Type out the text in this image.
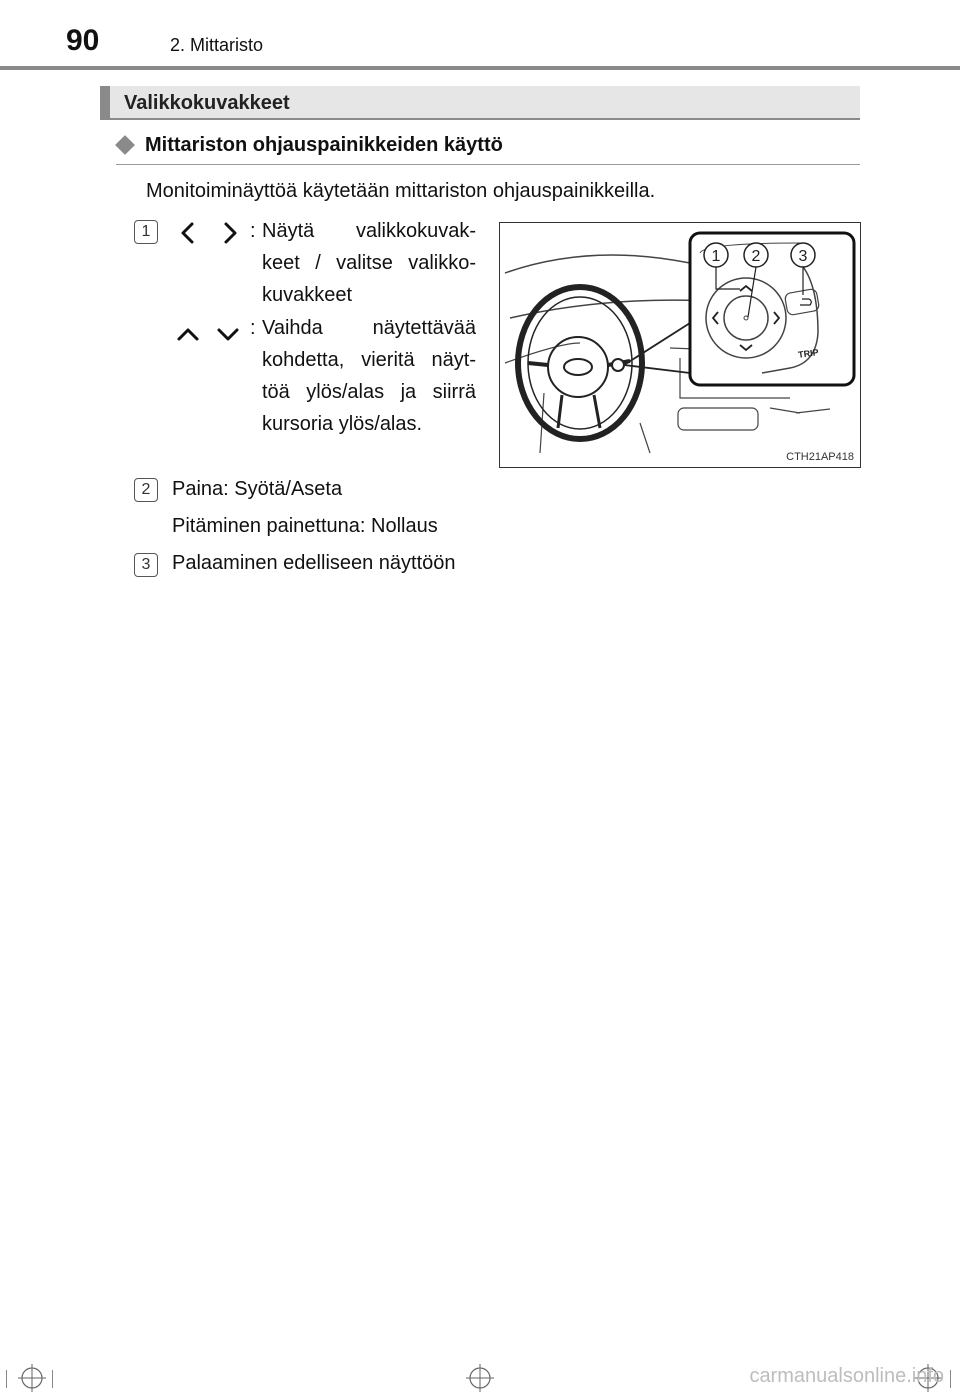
90	2. Mittaristo
Valikkokuvakkeet
Mittariston ohjauspainikkeiden käyttö
Monitoiminäyttöä käytetään mittariston ohjauspainikkeilla.
1	: Näytä valikkokuvak-
keet / valitse valikko-
kuvakkeet
: Vaihda näytettävää
kohdetta, vieritä näyt-
töä ylös/alas ja siirrä
kursoria ylös/alas.
TRIP
1 2 3
CTH21AP418
2	Paina: Syötä/Aseta
Pitäminen painettuna: Nollaus
3	Palaaminen edelliseen näyttöön
carmanualsonline.info
